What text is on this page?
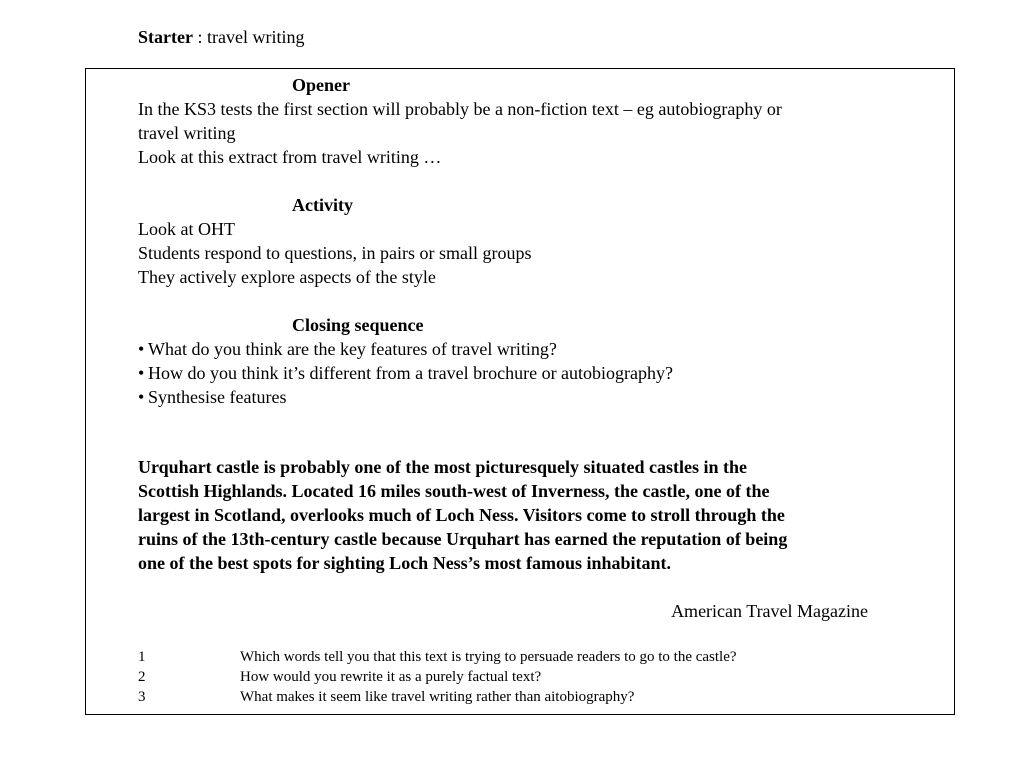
Starter : travel writing
Opener
In the KS3 tests the first section will probably be a non-fiction text – eg autobiography or
travel writing
Look at this extract from travel writing …
Activity
Look at OHT
Students respond to questions, in pairs or small groups
They actively explore aspects of the style
Closing sequence
• What do you think are the key features of travel writing?
• How do you think it’s different from a travel brochure or autobiography?
• Synthesise features
Urquhart castle is probably one of the most picturesquely situated castles in the
Scottish Highlands. Located 16 miles south-west of Inverness, the castle, one of the
largest in Scotland, overlooks much of Loch Ness. Visitors come to stroll through the
ruins of the 13th-century castle because Urquhart has earned the reputation of being
one of the best spots for sighting Loch Ness’s most famous inhabitant.
American Travel Magazine
1	Which words tell you that this text is trying to persuade readers to go to the castle?
2	How would you rewrite it as a purely factual text?
3	What makes it seem like travel writing rather than aitobiography?
